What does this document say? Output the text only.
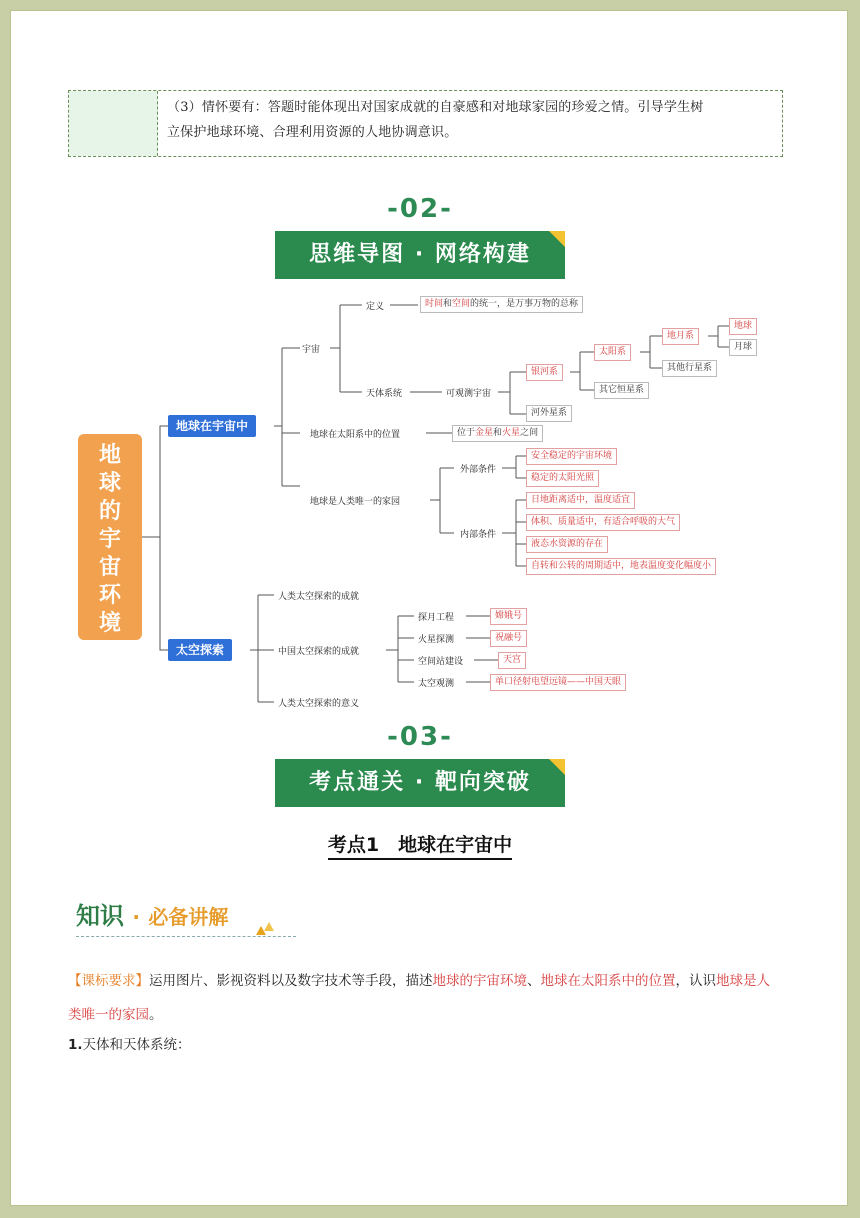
（3）情怀要有：答题时能体现出对国家成就的自豪感和对地球家园的珍爱之情。引导学生树
立保护地球环境、合理利用资源的人地协调意识。
-02-
思维导图 · 网络构建
地
球
的
宇
宙
环
境
地球在宇宙中
太空探索
宇宙
定义	时间和空间的统一，是万事万物的总称
天体系统	可观测宇宙
银河系
河外星系
太阳系
其它恒星系
地月系
其他行星系
地球
月球
地球在太阳系中的位置	位于金星和火星之间
地球是人类唯一的家园
外部条件
安全稳定的宇宙环境
稳定的太阳光照
内部条件
日地距离适中，温度适宜
体积、质量适中，有适合呼吸的大气
液态水资源的存在
自转和公转的周期适中，地表温度变化幅度小
人类太空探索的成就
中国太空探索的成就
人类太空探索的意义
探月工程	嫦娥号
火星探测	祝融号
空间站建设	天宫
太空观测	单口径射电望远镜——中国天眼
-03-
考点通关 · 靶向突破
考点1　地球在宇宙中
知识 · 必备讲解
【课标要求】运用图片、影视资料以及数字技术等手段，描述地球的宇宙环境、地球在太阳系中的位置，认识地球是人类唯一的家园。
1.天体和天体系统：
